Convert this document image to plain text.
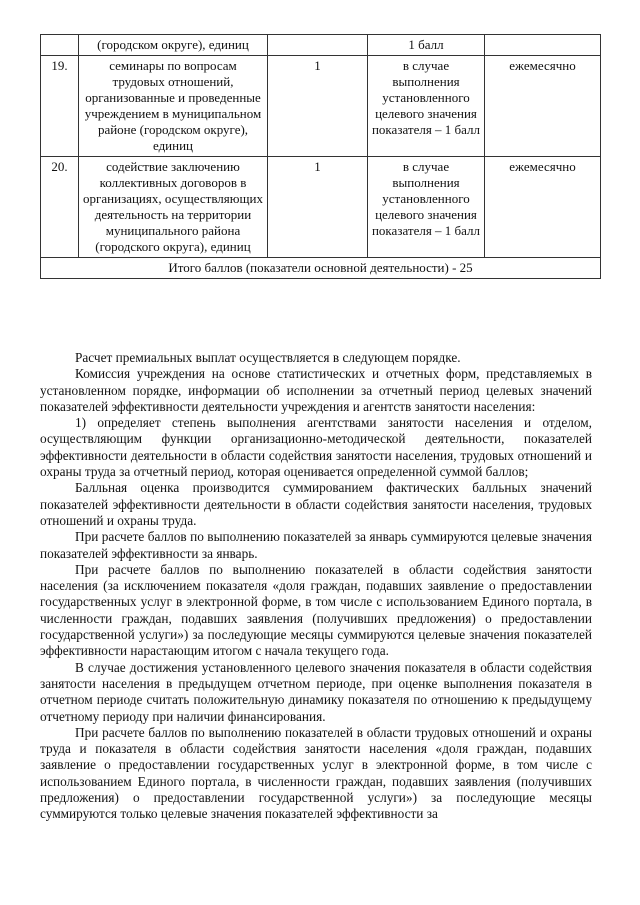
	(городском округе), единиц		1 балл	
19.	семинары по вопросам трудовых отношений, организованные и проведенные учреждением в муниципальном районе (городском округе), единиц	1	в случае выполнения установленного целевого значения показателя – 1 балл	ежемесячно
20.	содействие заключению коллективных договоров в организациях, осуществляющих деятельность на территории муниципального района (городского округа), единиц	1	в случае выполнения установленного целевого значения показателя – 1 балл	ежемесячно
Итого баллов (показатели основной деятельности) - 25				

Расчет премиальных выплат осуществляется в следующем порядке.

Комиссия учреждения на основе статистических и отчетных форм, представляемых в установленном порядке, информации об исполнении за отчетный период целевых значений показателей эффективности деятельности учреждения и агентств занятости населения:

1) определяет степень выполнения агентствами занятости населения и отделом, осуществляющим функции организационно-методической деятельности, показателей эффективности деятельности в области содействия занятости населения, трудовых отношений и охраны труда за отчетный период, которая оценивается определенной суммой баллов;

Балльная оценка производится суммированием фактических балльных значений показателей эффективности деятельности в области содействия занятости населения, трудовых отношений и охраны труда.

При расчете баллов по выполнению показателей за январь суммируются целевые значения показателей эффективности за январь.

При расчете баллов по выполнению показателей в области содействия занятости населения (за исключением показателя «доля граждан, подавших заявление о предоставлении государственных услуг в электронной форме, в том числе с использованием Единого портала, в численности граждан, подавших заявления (получивших предложения) о предоставлении государственной услуги») за последующие месяцы суммируются целевые значения показателей эффективности нарастающим итогом с начала текущего года.

В случае достижения установленного целевого значения показателя в области содействия занятости населения в предыдущем отчетном периоде, при оценке выполнения показателя в отчетном периоде считать положительную динамику показателя по отношению к предыдущему отчетному периоду при наличии финансирования.

При расчете баллов по выполнению показателей в области трудовых отношений и охраны труда и показателя в области содействия занятости населения «доля граждан, подавших заявление о предоставлении государственных услуг в электронной форме, в том числе с использованием Единого портала, в численности граждан, подавших заявления (получивших предложения) о предоставлении государственной услуги») за последующие месяцы суммируются только целевые значения показателей эффективности за
